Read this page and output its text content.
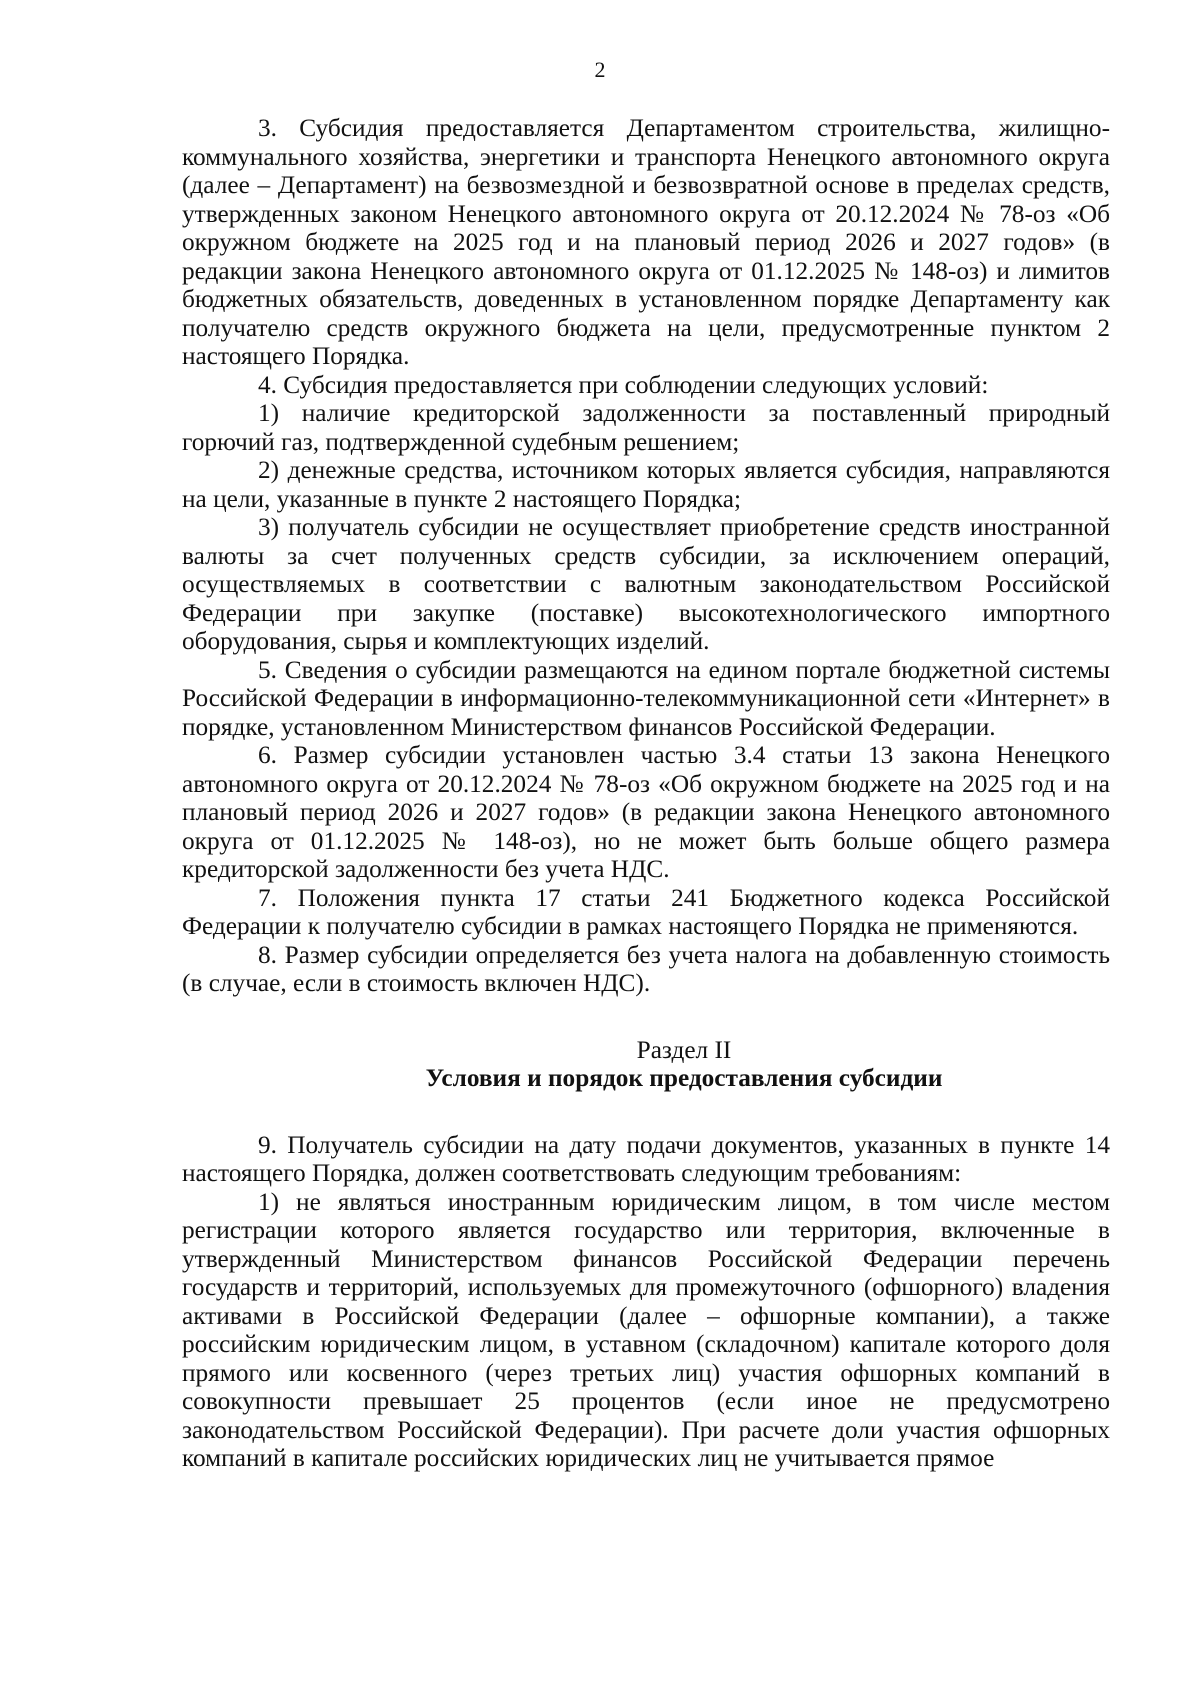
2

3. Субсидия предоставляется Департаментом строительства, жилищно-коммунального хозяйства, энергетики и транспорта Ненецкого автономного округа (далее – Департамент) на безвозмездной и безвозвратной основе в пределах средств, утвержденных законом Ненецкого автономного округа от 20.12.2024 № 78-оз «Об окружном бюджете на 2025 год и на плановый период 2026 и 2027 годов» (в редакции закона Ненецкого автономного округа от 01.12.2025 № 148-оз) и лимитов бюджетных обязательств, доведенных в установленном порядке Департаменту как получателю средств окружного бюджета на цели, предусмотренные пунктом 2 настоящего Порядка.

4. Субсидия предоставляется при соблюдении следующих условий:

1) наличие кредиторской задолженности за поставленный природный горючий газ, подтвержденной судебным решением;

2) денежные средства, источником которых является субсидия, направляются на цели, указанные в пункте 2 настоящего Порядка;

3) получатель субсидии не осуществляет приобретение средств иностранной валюты за счет полученных средств субсидии, за исключением операций, осуществляемых в соответствии с валютным законодательством Российской Федерации при закупке (поставке) высокотехнологического импортного оборудования, сырья и комплектующих изделий.

5. Сведения о субсидии размещаются на едином портале бюджетной системы Российской Федерации в информационно-телекоммуникационной сети «Интернет» в порядке, установленном Министерством финансов Российской Федерации.

6. Размер субсидии установлен частью 3.4 статьи 13 закона Ненецкого автономного округа от 20.12.2024 № 78-оз «Об окружном бюджете на 2025 год и на плановый период 2026 и 2027 годов» (в редакции закона Ненецкого автономного округа от 01.12.2025 № 148-оз), но не может быть больше общего размера кредиторской задолженности без учета НДС.

7. Положения пункта 17 статьи 241 Бюджетного кодекса Российской Федерации к получателю субсидии в рамках настоящего Порядка не применяются.

8. Размер субсидии определяется без учета налога на добавленную стоимость (в случае, если в стоимость включен НДС).

Раздел II

Условия и порядок предоставления субсидии

9. Получатель субсидии на дату подачи документов, указанных в пункте 14 настоящего Порядка, должен соответствовать следующим требованиям:

1) не являться иностранным юридическим лицом, в том числе местом регистрации которого является государство или территория, включенные в утвержденный Министерством финансов Российской Федерации перечень государств и территорий, используемых для промежуточного (офшорного) владения активами в Российской Федерации (далее – офшорные компании), а также российским юридическим лицом, в уставном (складочном) капитале которого доля прямого или косвенного (через третьих лиц) участия офшорных компаний в совокупности превышает 25 процентов (если иное не предусмотрено законодательством Российской Федерации). При расчете доли участия офшорных компаний в капитале российских юридических лиц не учитывается прямое
